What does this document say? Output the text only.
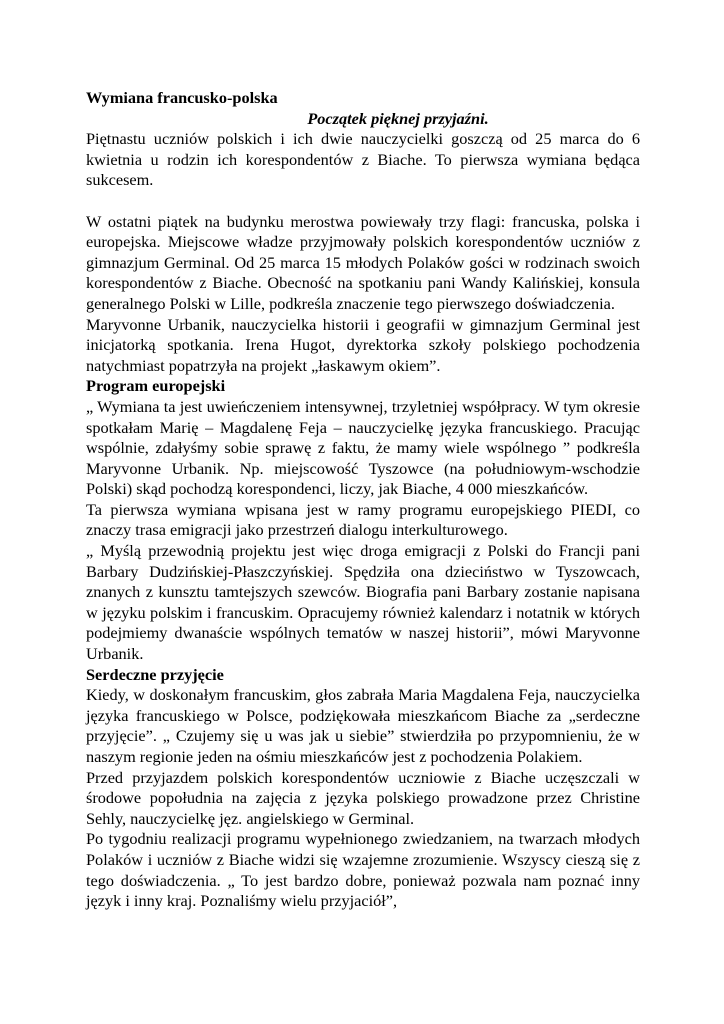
Wymiana francusko-polska

Początek pięknej przyjaźni.

Piętnastu uczniów polskich i ich dwie nauczycielki goszczą od 25 marca do 6 kwietnia u rodzin ich korespondentów z Biache. To pierwsza wymiana będąca sukcesem.

W ostatni piątek na budynku merostwa powiewały trzy flagi: francuska, polska i europejska. Miejscowe władze przyjmowały polskich korespondentów uczniów z gimnazjum Germinal. Od 25 marca 15 młodych Polaków gości w rodzinach swoich korespondentów z Biache. Obecność na spotkaniu pani Wandy Kalińskiej, konsula generalnego Polski w Lille, podkreśla znaczenie tego pierwszego doświadczenia.

Maryvonne Urbanik, nauczycielka historii i geografii w gimnazjum Germinal jest inicjatorką spotkania. Irena Hugot, dyrektorka szkoły polskiego pochodzenia natychmiast popatrzyła na projekt „łaskawym okiem”.

Program europejski

„ Wymiana ta jest uwieńczeniem intensywnej, trzyletniej współpracy. W tym okresie spotkałam Marię – Magdalenę Feja – nauczycielkę języka francuskiego. Pracując wspólnie, zdałyśmy sobie sprawę z faktu, że mamy wiele wspólnego ” podkreśla Maryvonne Urbanik. Np. miejscowość Tyszowce (na południowym-wschodzie Polski) skąd pochodzą korespondenci, liczy, jak Biache, 4 000 mieszkańców.

Ta pierwsza wymiana wpisana jest w ramy programu europejskiego PIEDI, co znaczy trasa emigracji jako przestrzeń dialogu interkulturowego.

„ Myślą przewodnią projektu jest więc droga emigracji z Polski do Francji pani Barbary Dudzińskiej-Płaszczyńskiej. Spędziła ona dzieciństwo w Tyszowcach, znanych z kunsztu tamtejszych szewców. Biografia pani Barbary zostanie napisana w języku polskim i francuskim. Opracujemy również kalendarz i notatnik w których podejmiemy dwanaście wspólnych tematów w naszej historii”, mówi Maryvonne Urbanik.

Serdeczne przyjęcie

Kiedy, w doskonałym francuskim, głos zabrała Maria Magdalena Feja, nauczycielka języka francuskiego w Polsce, podziękowała mieszkańcom Biache za „serdeczne przyjęcie”. „ Czujemy się u was jak u siebie” stwierdziła po przypomnieniu, że w naszym regionie jeden na ośmiu mieszkańców jest z pochodzenia Polakiem.

Przed przyjazdem polskich korespondentów uczniowie z Biache uczęszczali w środowe popołudnia na zajęcia z języka polskiego prowadzone przez Christine Sehly, nauczycielkę jęz. angielskiego w Germinal.

Po tygodniu realizacji programu wypełnionego zwiedzaniem, na twarzach młodych Polaków i uczniów z Biache widzi się wzajemne zrozumienie. Wszyscy cieszą się z tego doświadczenia. „ To jest bardzo dobre, ponieważ pozwala nam poznać inny język i inny kraj. Poznaliśmy wielu przyjaciół”,
